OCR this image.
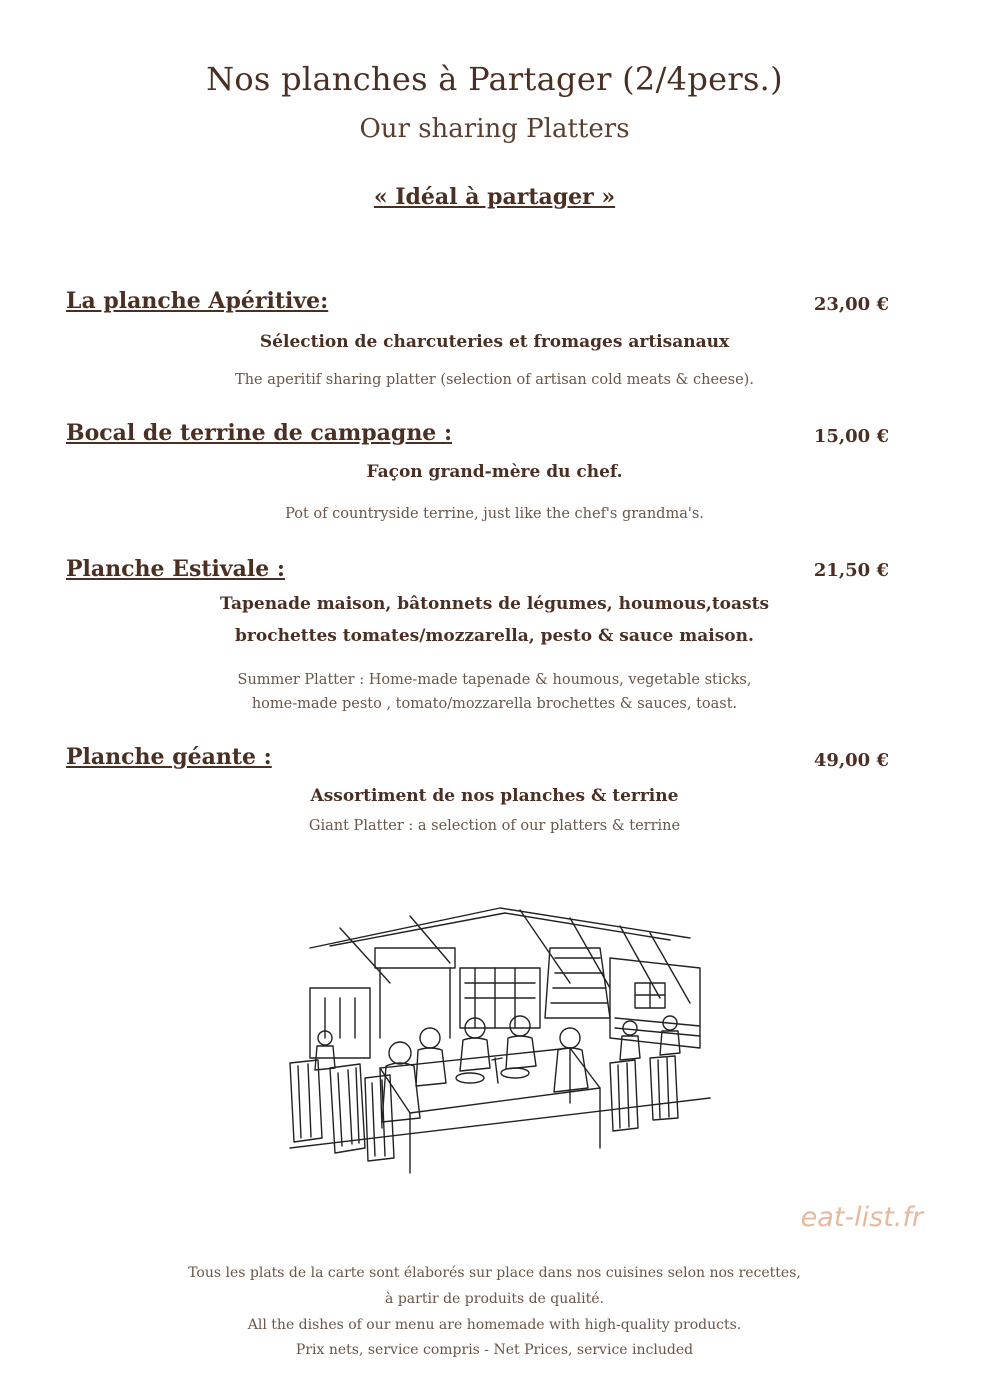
Nos planches à Partager (2/4pers.)
Our sharing Platters
« Idéal à partager »
La planche Apéritive:	23,00 €
Sélection de charcuteries et fromages artisanaux
The aperitif sharing platter (selection of artisan cold meats & cheese).
Bocal de terrine de campagne :	15,00 €
Façon grand-mère du chef.
Pot of countryside terrine, just like the chef's grandma's.
Planche Estivale :	21,50 €
Tapenade maison, bâtonnets de légumes, houmous,toasts
brochettes tomates/mozzarella, pesto & sauce maison.
Summer Platter : Home-made tapenade & houmous, vegetable sticks,
home-made pesto , tomato/mozzarella brochettes & sauces, toast.
Planche géante :	49,00 €
Assortiment de nos planches & terrine
Giant Platter : a selection of our platters & terrine
eat-list.fr
Tous les plats de la carte sont élaborés sur place dans nos cuisines selon nos recettes,
à partir de produits de qualité.
All the dishes of our menu are homemade with high-quality products.
Prix nets, service compris - Net Prices, service included
